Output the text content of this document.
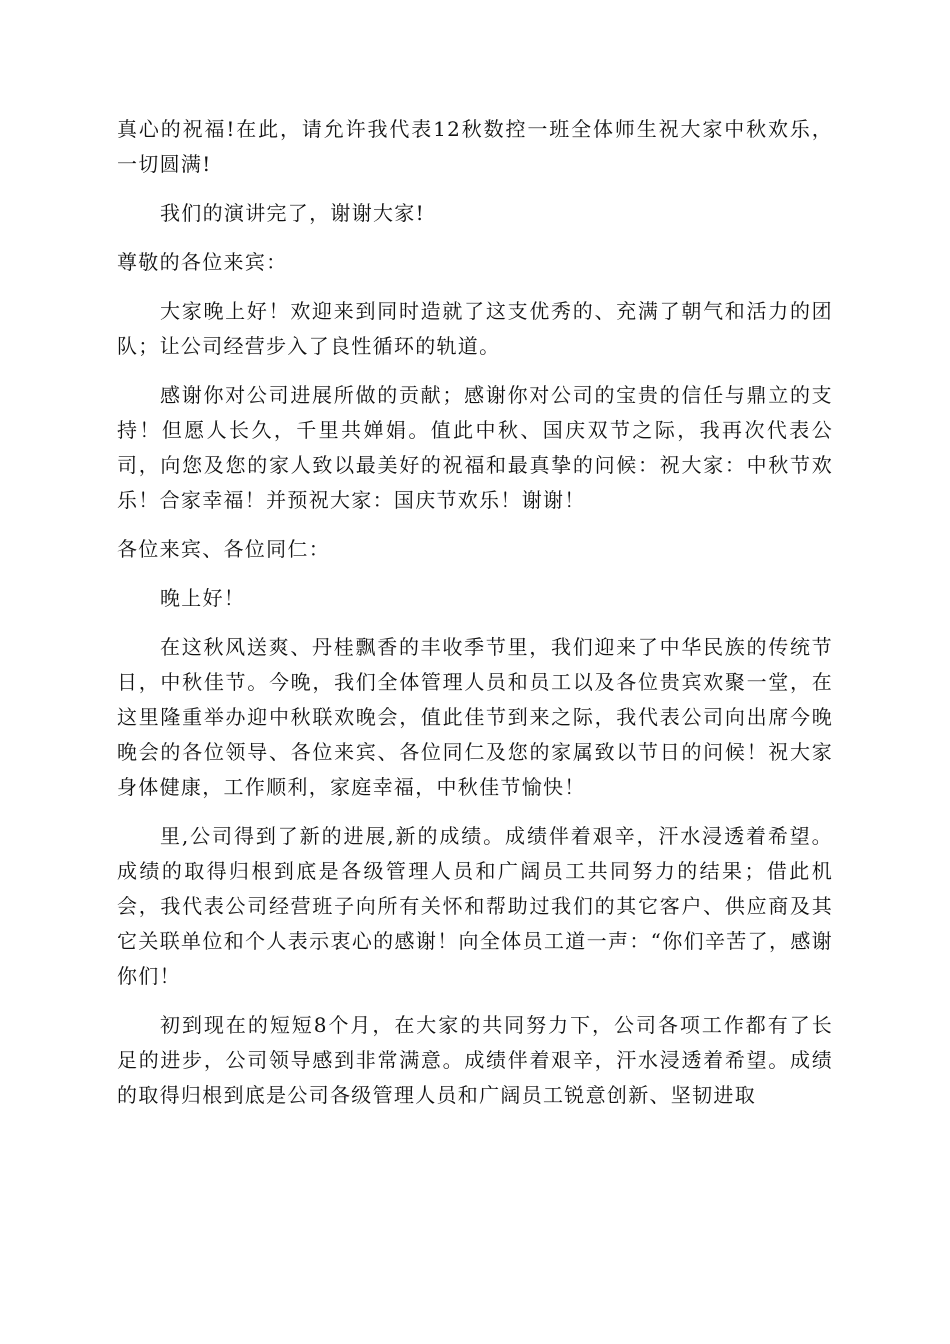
真心的祝福!在此，请允许我代表12秋数控一班全体师生祝大家中秋欢乐，一切圆满!

我们的演讲完了，谢谢大家!

尊敬的各位来宾：

大家晚上好！欢迎来到同时造就了这支优秀的、充满了朝气和活力的团队；让公司经营步入了良性循环的轨道。

感谢你对公司进展所做的贡献；感谢你对公司的宝贵的信任与鼎立的支持！但愿人长久，千里共婵娟。值此中秋、国庆双节之际，我再次代表公司，向您及您的家人致以最美好的祝福和最真挚的问候：祝大家：中秋节欢乐！合家幸福！并预祝大家：国庆节欢乐！谢谢！

各位来宾、各位同仁：

晚上好！

在这秋风送爽、丹桂飘香的丰收季节里，我们迎来了中华民族的传统节日，中秋佳节。今晚，我们全体管理人员和员工以及各位贵宾欢聚一堂，在这里隆重举办迎中秋联欢晚会，值此佳节到来之际，我代表公司向出席今晚晚会的各位领导、各位来宾、各位同仁及您的家属致以节日的问候！祝大家身体健康，工作顺利，家庭幸福，中秋佳节愉快！

里,公司得到了新的进展,新的成绩。成绩伴着艰辛，汗水浸透着希望。成绩的取得归根到底是各级管理人员和广阔员工共同努力的结果；借此机会，我代表公司经营班子向所有关怀和帮助过我们的其它客户、供应商及其它关联单位和个人表示衷心的感谢！向全体员工道一声：“你们辛苦了，感谢你们！

初到现在的短短8个月，在大家的共同努力下，公司各项工作都有了长足的进步，公司领导感到非常满意。成绩伴着艰辛，汗水浸透着希望。成绩的取得归根到底是公司各级管理人员和广阔员工锐意创新、坚韧进取
